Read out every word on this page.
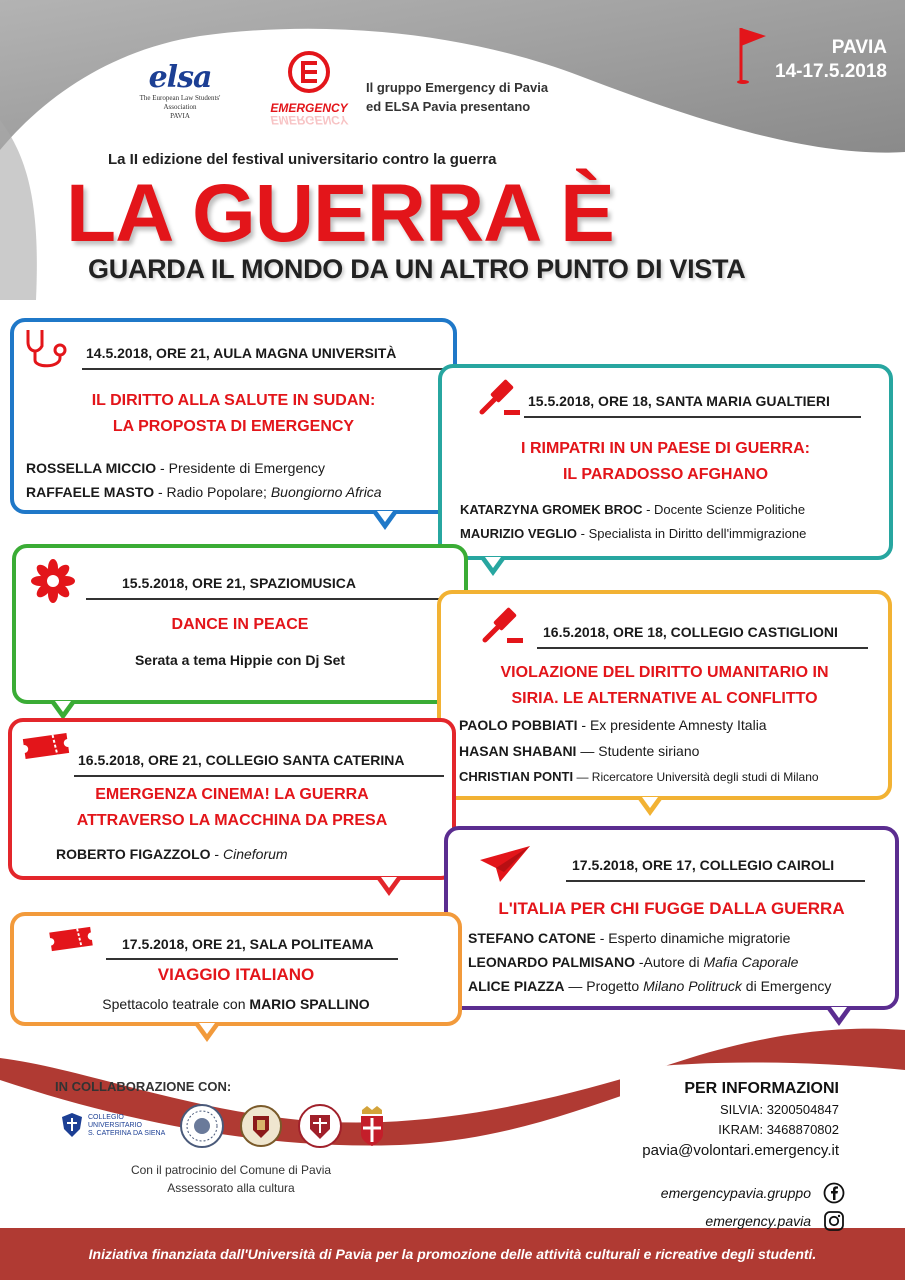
elsa
The European Law Students' Association
PAVIA
EMERGENCY
EMERGENCY
Il gruppo Emergency di Pavia
ed ELSA Pavia presentano
PAVIA
14-17.5.2018
La II edizione del festival universitario contro la guerra
LA GUERRA È
GUARDA IL MONDO DA UN ALTRO PUNTO DI VISTA
14.5.2018, ORE 21, AULA MAGNA UNIVERSITÀ
IL DIRITTO ALLA SALUTE IN SUDAN:
LA PROPOSTA DI EMERGENCY
ROSSELLA MICCIO - Presidente di Emergency
RAFFAELE MASTO - Radio Popolare; Buongiorno Africa
15.5.2018, ORE 18, SANTA MARIA GUALTIERI
I RIMPATRI IN UN PAESE DI GUERRA:
IL PARADOSSO AFGHANO
KATARZYNA GROMEK BROC - Docente Scienze Politiche
MAURIZIO VEGLIO - Specialista in Diritto dell'immigrazione
15.5.2018, ORE 21, SPAZIOMUSICA
DANCE IN PEACE
Serata a tema Hippie con Dj Set
16.5.2018, ORE 18, COLLEGIO CASTIGLIONI
VIOLAZIONE DEL DIRITTO UMANITARIO IN
SIRIA. LE ALTERNATIVE AL CONFLITTO
PAOLO POBBIATI - Ex presidente Amnesty Italia
HASAN SHABANI — Studente siriano
CHRISTIAN PONTI — Ricercatore Università degli studi di Milano
16.5.2018, ORE 21, COLLEGIO SANTA CATERINA
EMERGENZA CINEMA! LA GUERRA
ATTRAVERSO LA MACCHINA DA PRESA
ROBERTO FIGAZZOLO - Cineforum
17.5.2018, ORE 17, COLLEGIO CAIROLI
L'ITALIA PER CHI FUGGE DALLA GUERRA
STEFANO CATONE - Esperto dinamiche migratorie
LEONARDO PALMISANO -Autore di Mafia Caporale
ALICE PIAZZA — Progetto Milano Politruck di Emergency
17.5.2018, ORE 21, SALA POLITEAMA
VIAGGIO ITALIANO
Spettacolo teatrale con MARIO SPALLINO
IN COLLABORAZIONE CON:
COLLEGIO
UNIVERSITARIO
S. CATERINA DA SIENA
Con il patrocinio del Comune di Pavia
Assessorato alla cultura
PER INFORMAZIONI
SILVIA: 3200504847
IKRAM: 3468870802
pavia@volontari.emergency.it
emergencypavia.gruppo
emergency.pavia
Iniziativa finanziata dall'Università di Pavia per la promozione delle attività culturali e ricreative degli studenti.
